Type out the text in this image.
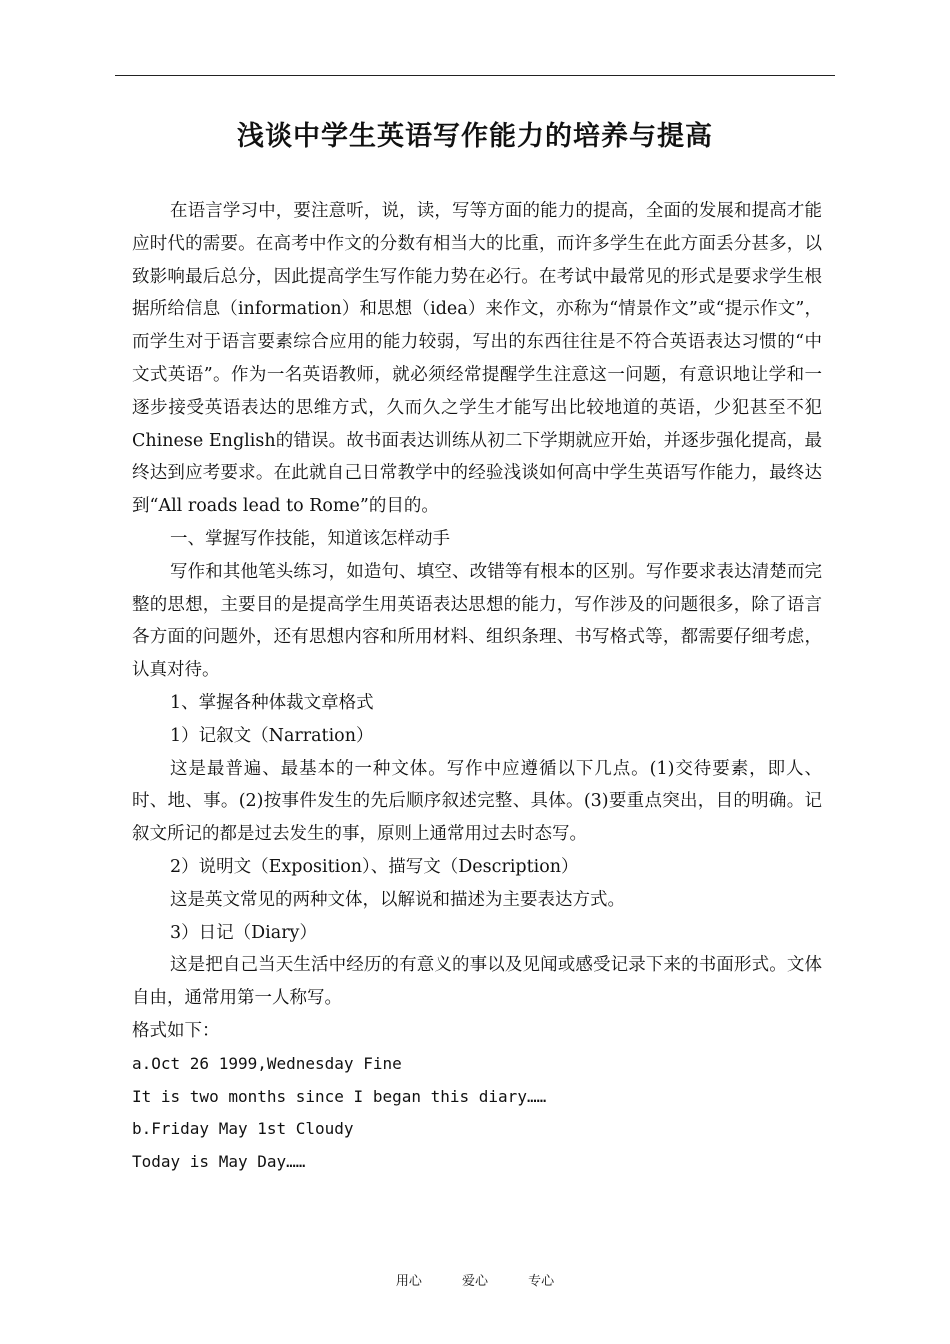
浅谈中学生英语写作能力的培养与提高

在语言学习中，要注意听，说，读，写等方面的能力的提高，全面的发展和提高才能应时代的需要。在高考中作文的分数有相当大的比重，而许多学生在此方面丢分甚多，以致影响最后总分，因此提高学生写作能力势在必行。在考试中最常见的形式是要求学生根据所给信息（information）和思想（idea）来作文，亦称为“情景作文”或“提示作文”，而学生对于语言要素综合应用的能力较弱，写出的东西往往是不符合英语表达习惯的“中文式英语”。作为一名英语教师，就必须经常提醒学生注意这一问题，有意识地让学和一逐步接受英语表达的思维方式，久而久之学生才能写出比较地道的英语，少犯甚至不犯Chinese English的错误。故书面表达训练从初二下学期就应开始，并逐步强化提高，最终达到应考要求。在此就自己日常教学中的经验浅谈如何高中学生英语写作能力，最终达到“All roads lead to Rome”的目的。

一、掌握写作技能，知道该怎样动手

写作和其他笔头练习，如造句、填空、改错等有根本的区别。写作要求表达清楚而完整的思想，主要目的是提高学生用英语表达思想的能力，写作涉及的问题很多，除了语言各方面的问题外，还有思想内容和所用材料、组织条理、书写格式等，都需要仔细考虑，认真对待。

1、掌握各种体裁文章格式

1）记叙文（Narration）

这是最普遍、最基本的一种文体。写作中应遵循以下几点。(1)交待要素，即人、时、地、事。(2)按事件发生的先后顺序叙述完整、具体。(3)要重点突出，目的明确。记叙文所记的都是过去发生的事，原则上通常用过去时态写。

2）说明文（Exposition）、描写文（Description）

这是英文常见的两种文体，以解说和描述为主要表达方式。

3）日记（Diary）

这是把自己当天生活中经历的有意义的事以及见闻或感受记录下来的书面形式。文体自由，通常用第一人称写。

格式如下：

a.Oct 26 1999,Wednesday Fine

It is two months since I began this diary……

b.Friday May 1st Cloudy

Today is May Day……

用心	爱心	专心
